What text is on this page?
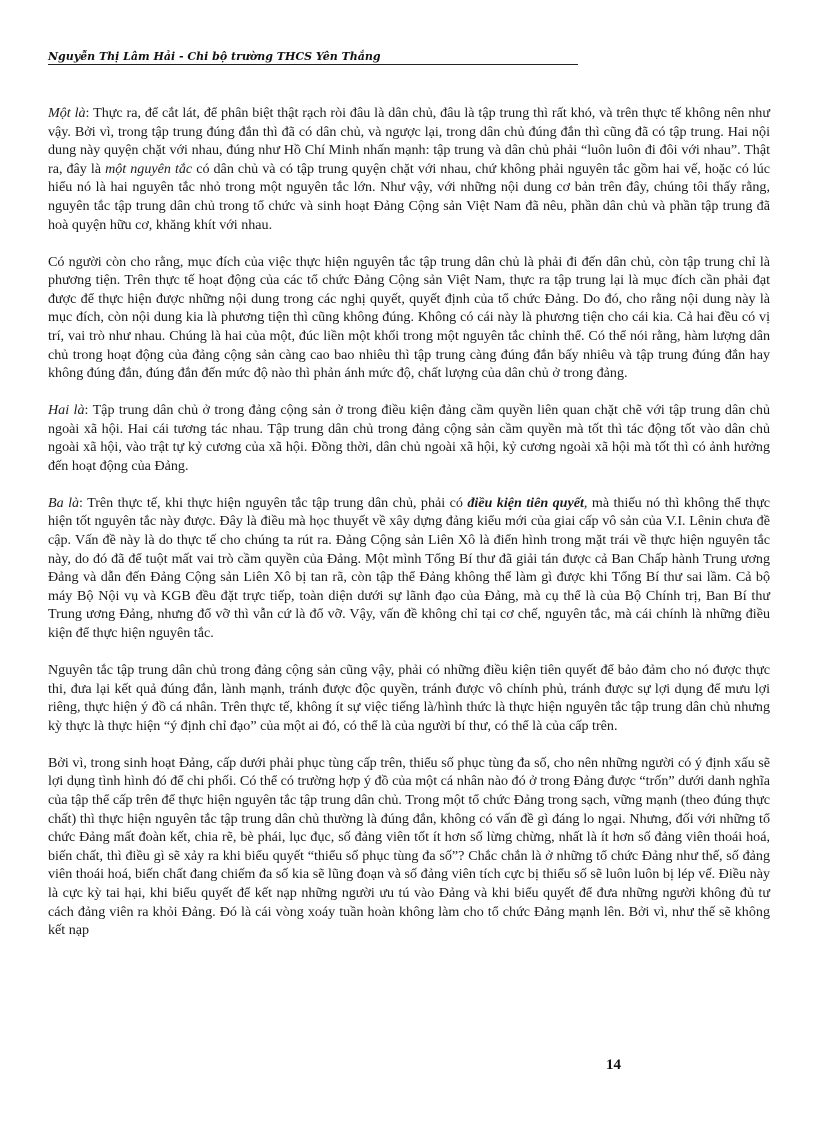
Nguyễn Thị Lâm Hải - Chi bộ trường THCS Yên Thắng

Một là: Thực ra, để cắt lát, để phân biệt thật rạch ròi đâu là dân chủ, đâu là tập trung thì rất khó, và trên thực tế không nên như vậy. Bởi vì, trong tập trung đúng đắn thì đã có dân chủ, và ngược lại, trong dân chủ đúng đắn thì cũng đã có tập trung. Hai nội dung này quyện chặt với nhau, đúng như Hồ Chí Minh nhấn mạnh: tập trung và dân chủ phải “luôn luôn đi đôi với nhau”. Thật ra, đây là một nguyên tắc có dân chủ và có tập trung quyện chặt với nhau, chứ không phải nguyên tắc gồm hai vế, hoặc có lúc hiểu nó là hai nguyên tắc nhỏ trong một nguyên tắc lớn. Như vậy, với những nội dung cơ bản trên đây, chúng tôi thấy rằng, nguyên tắc tập trung dân chủ trong tổ chức và sinh hoạt Đảng Cộng sản Việt Nam đã nêu, phần dân chủ và phần tập trung đã hoà quyện hữu cơ, khăng khít với nhau.

Có người còn cho rằng, mục đích của việc thực hiện nguyên tắc tập trung dân chủ là phải đi đến dân chủ, còn tập trung chỉ là phương tiện. Trên thực tế hoạt động của các tổ chức Đảng Cộng sản Việt Nam, thực ra tập trung lại là mục đích cần phải đạt được để thực hiện được những nội dung trong các nghị quyết, quyết định của tổ chức Đảng. Do đó, cho rằng nội dung này là mục đích, còn nội dung kia là phương tiện thì cũng không đúng. Không có cái này là phương tiện cho cái kia. Cả hai đều có vị trí, vai trò như nhau. Chúng là hai của một, đúc liền một khối trong một nguyên tắc chỉnh thể. Có thể nói rằng, hàm lượng dân chủ trong hoạt động của đảng cộng sản càng cao bao nhiêu thì tập trung càng đúng đắn bấy nhiêu và tập trung đúng đắn hay không đúng đắn, đúng đắn đến mức độ nào thì phản ánh mức độ, chất lượng của dân chủ ở trong đảng.

Hai là: Tập trung dân chủ ở trong đảng cộng sản ở trong điều kiện đảng cầm quyền liên quan chặt chẽ với tập trung dân chủ ngoài xã hội. Hai cái tương tác nhau. Tập trung dân chủ trong đảng cộng sản cầm quyền mà tốt thì tác động tốt vào dân chủ ngoài xã hội, vào trật tự kỷ cương của xã hội. Đồng thời, dân chủ ngoài xã hội, kỷ cương ngoài xã hội mà tốt thì có ảnh hưởng đến hoạt động của Đảng.

Ba là: Trên thực tế, khi thực hiện nguyên tắc tập trung dân chủ, phải có điều kiện tiên quyết, mà thiếu nó thì không thể thực hiện tốt nguyên tắc này được. Đây là điều mà học thuyết về xây dựng đảng kiểu mới của giai cấp vô sản của V.I. Lênin chưa đề cập. Vấn đề này là do thực tế cho chúng ta rút ra. Đảng Cộng sản Liên Xô là điển hình trong mặt trái về thực hiện nguyên tắc này, do đó đã để tuột mất vai trò cầm quyền của Đảng. Một mình Tổng Bí thư đã giải tán được cả Ban Chấp hành Trung ương Đảng và dẫn đến Đảng Cộng sản Liên Xô bị tan rã, còn tập thể Đảng không thể làm gì được khi Tổng Bí thư sai lầm. Cả bộ máy Bộ Nội vụ và KGB đều đặt trực tiếp, toàn diện dưới sự lãnh đạo của Đảng, mà cụ thể là của Bộ Chính trị, Ban Bí thư Trung ương Đảng, nhưng đổ vỡ thì vẫn cứ là đổ vỡ. Vậy, vấn đề không chỉ tại cơ chế, nguyên tắc, mà cái chính là những điều kiện để thực hiện nguyên tắc.

Nguyên tắc tập trung dân chủ trong đảng cộng sản cũng vậy, phải có những điều kiện tiên quyết để bảo đảm cho nó được thực thi, đưa lại kết quả đúng đắn, lành mạnh, tránh được độc quyền, tránh được vô chính phủ, tránh được sự lợi dụng để mưu lợi riêng, thực hiện ý đồ cá nhân. Trên thực tế, không ít sự việc tiếng là/hình thức là thực hiện nguyên tắc tập trung dân chủ nhưng kỳ thực là thực hiện “ý định chỉ đạo” của một ai đó, có thể là của người bí thư, có thể là của cấp trên.

Bởi vì, trong sinh hoạt Đảng, cấp dưới phải phục tùng cấp trên, thiểu số phục tùng đa số, cho nên những người có ý định xấu sẽ lợi dụng tình hình đó để chi phối. Có thể có trường hợp ý đồ của một cá nhân nào đó ở trong Đảng được “trốn” dưới danh nghĩa của tập thể cấp trên để thực hiện nguyên tắc tập trung dân chủ. Trong một tổ chức Đảng trong sạch, vững mạnh (theo đúng thực chất) thì thực hiện nguyên tắc tập trung dân chủ thường là đúng đắn, không có vấn đề gì đáng lo ngại. Nhưng, đối với những tổ chức Đảng mất đoàn kết, chia rẽ, bè phái, lục đục, số đảng viên tốt ít hơn số lừng chừng, nhất là ít hơn số đảng viên thoái hoá, biến chất, thì điều gì sẽ xảy ra khi biểu quyết “thiểu số phục tùng đa số”? Chắc chắn là ở những tổ chức Đảng như thế, số đảng viên thoái hoá, biến chất đang chiếm đa số kia sẽ lũng đoạn và số đảng viên tích cực bị thiểu số sẽ luôn luôn bị lép vế. Điều này là cực kỳ tai hại, khi biểu quyết để kết nạp những người ưu tú vào Đảng và khi biểu quyết để đưa những người không đủ tư cách đảng viên ra khỏi Đảng. Đó là cái vòng xoáy tuần hoàn không làm cho tổ chức Đảng mạnh lên. Bởi vì, như thế sẽ không kết nạp

14
